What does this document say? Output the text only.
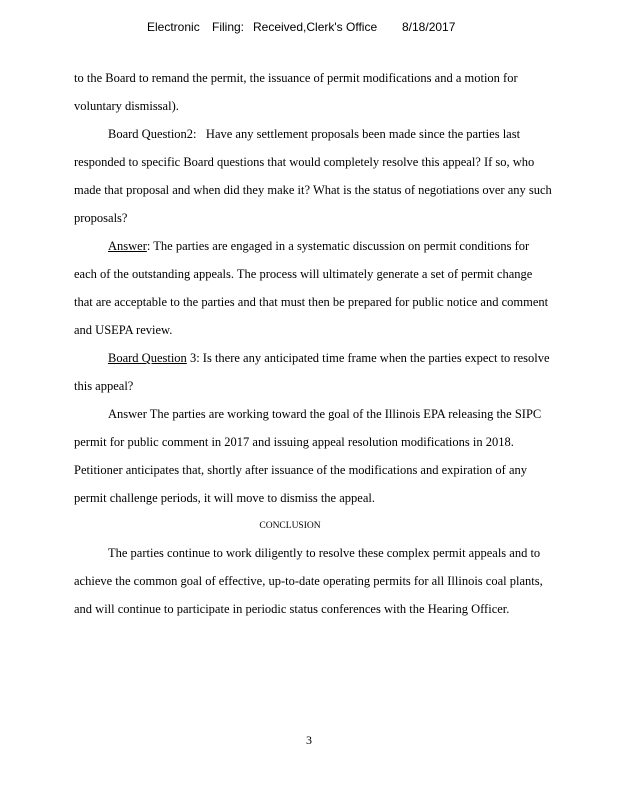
Electronic Filing: Received,Clerk's Office 8/18/2017
to the Board to remand the permit, the issuance of permit modifications and a motion for
voluntary dismissal).
Board Question2: Have any settlement proposals been made since the parties last
responded to specific Board questions that would completely resolve this appeal? If so, who
made that proposal and when did they make it? What is the status of negotiations over any such
proposals?
Answer: The parties are engaged in a systematic discussion on permit conditions for
each of the outstanding appeals. The process will ultimately generate a set of permit change
that are acceptable to the parties and that must then be prepared for public notice and comment
and USEPA review.
Board Question 3: Is there any anticipated time frame when the parties expect to resolve
this appeal?
Answer The parties are working toward the goal of the Illinois EPA releasing the SIPC
permit for public comment in 2017 and issuing appeal resolution modifications in 2018.
Petitioner anticipates that, shortly after issuance of the modifications and expiration of any
permit challenge periods, it will move to dismiss the appeal.
CONCLUSION
The parties continue to work diligently to resolve these complex permit appeals and to
achieve the common goal of effective, up-to-date operating permits for all Illinois coal plants,
and will continue to participate in periodic status conferences with the Hearing Officer.
3
